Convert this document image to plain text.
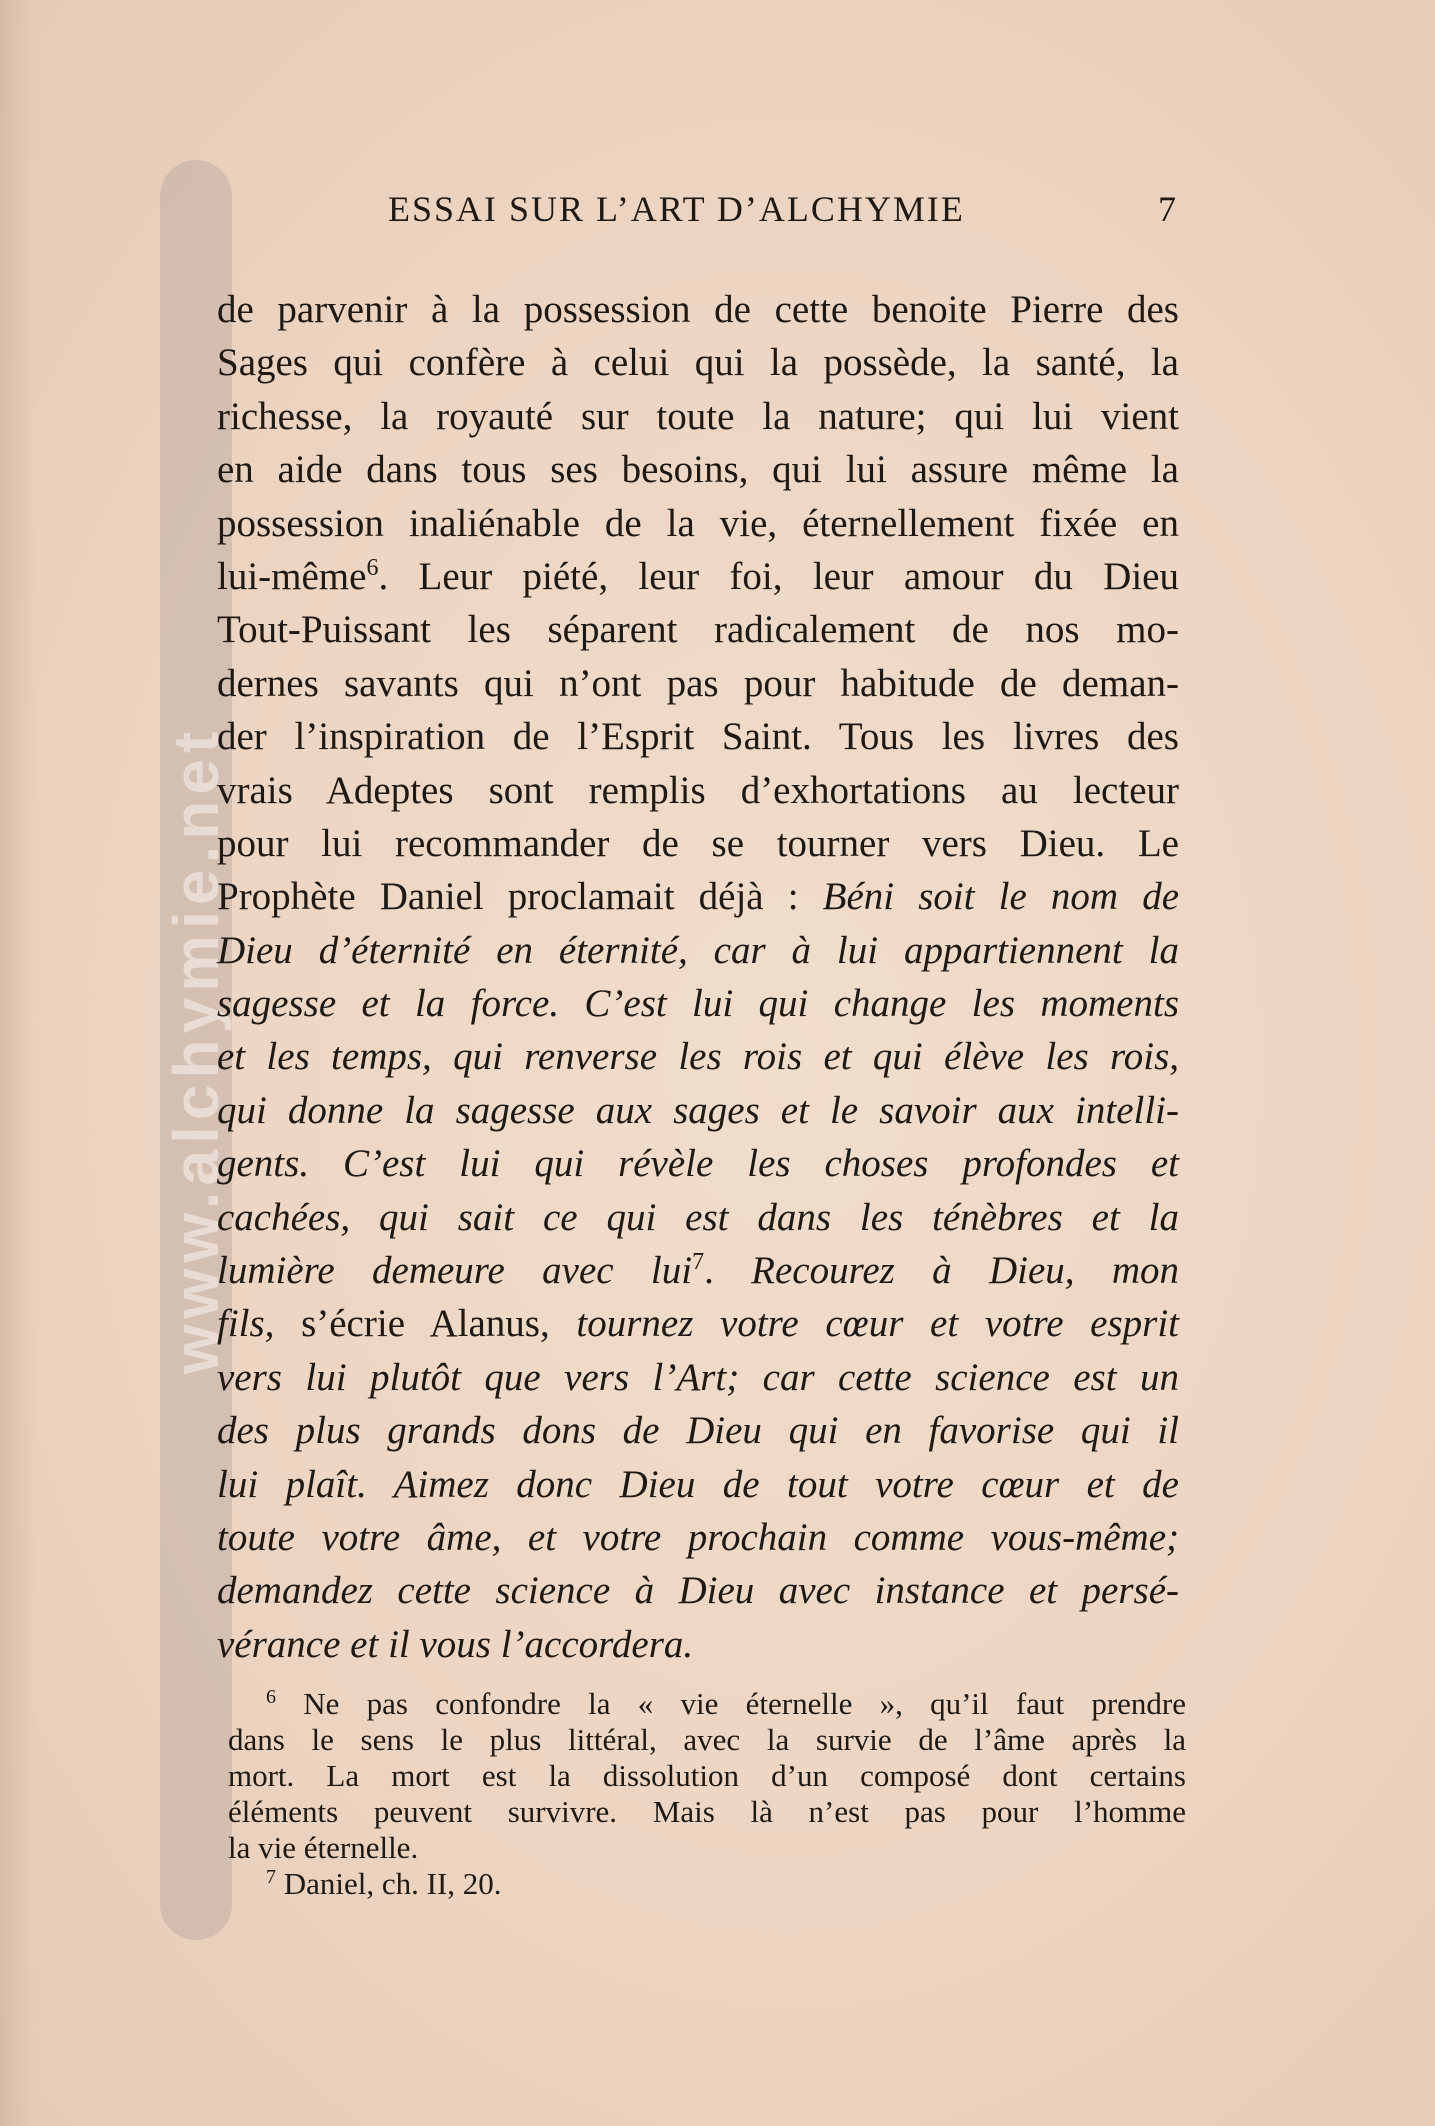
www.alchymie.net
ESSAI SUR L’ART D’ALCHYMIE	7
de parvenir à la possession de cette benoite Pierre des
Sages qui confère à celui qui la possède, la santé, la
richesse, la royauté sur toute la nature; qui lui vient
en aide dans tous ses besoins, qui lui assure même la
possession inaliénable de la vie, éternellement fixée en
lui-même$^6$. Leur piété, leur foi, leur amour du Dieu
Tout-Puissant les séparent radicalement de nos mo-
dernes savants qui n’ont pas pour habitude de deman-
der l’inspiration de l’Esprit Saint. Tous les livres des
vrais Adeptes sont remplis d’exhortations au lecteur
pour lui recommander de se tourner vers Dieu. Le
Prophète Daniel proclamait déjà : Béni soit le nom de
Dieu d’éternité en éternité, car à lui appartiennent la
sagesse et la force. C’est lui qui change les moments
et les temps, qui renverse les rois et qui élève les rois,
qui donne la sagesse aux sages et le savoir aux intelli-
gents. C’est lui qui révèle les choses profondes et
cachées, qui sait ce qui est dans les ténèbres et la
lumière demeure avec lui$^7$. Recourez à Dieu, mon
fils, s’écrie Alanus, tournez votre cœur et votre esprit
vers lui plutôt que vers l’Art; car cette science est un
des plus grands dons de Dieu qui en favorise qui il
lui plaît. Aimez donc Dieu de tout votre cœur et de
toute votre âme, et votre prochain comme vous-même;
demandez cette science à Dieu avec instance et persé-
vérance et il vous l’accordera.
$^6$ Ne pas confondre la « vie éternelle », qu’il faut prendre
dans le sens le plus littéral, avec la survie de l’âme après la
mort. La mort est la dissolution d’un composé dont certains
éléments peuvent survivre. Mais là n’est pas pour l’homme
la vie éternelle.
$^7$ Daniel, ch. II, 20.
